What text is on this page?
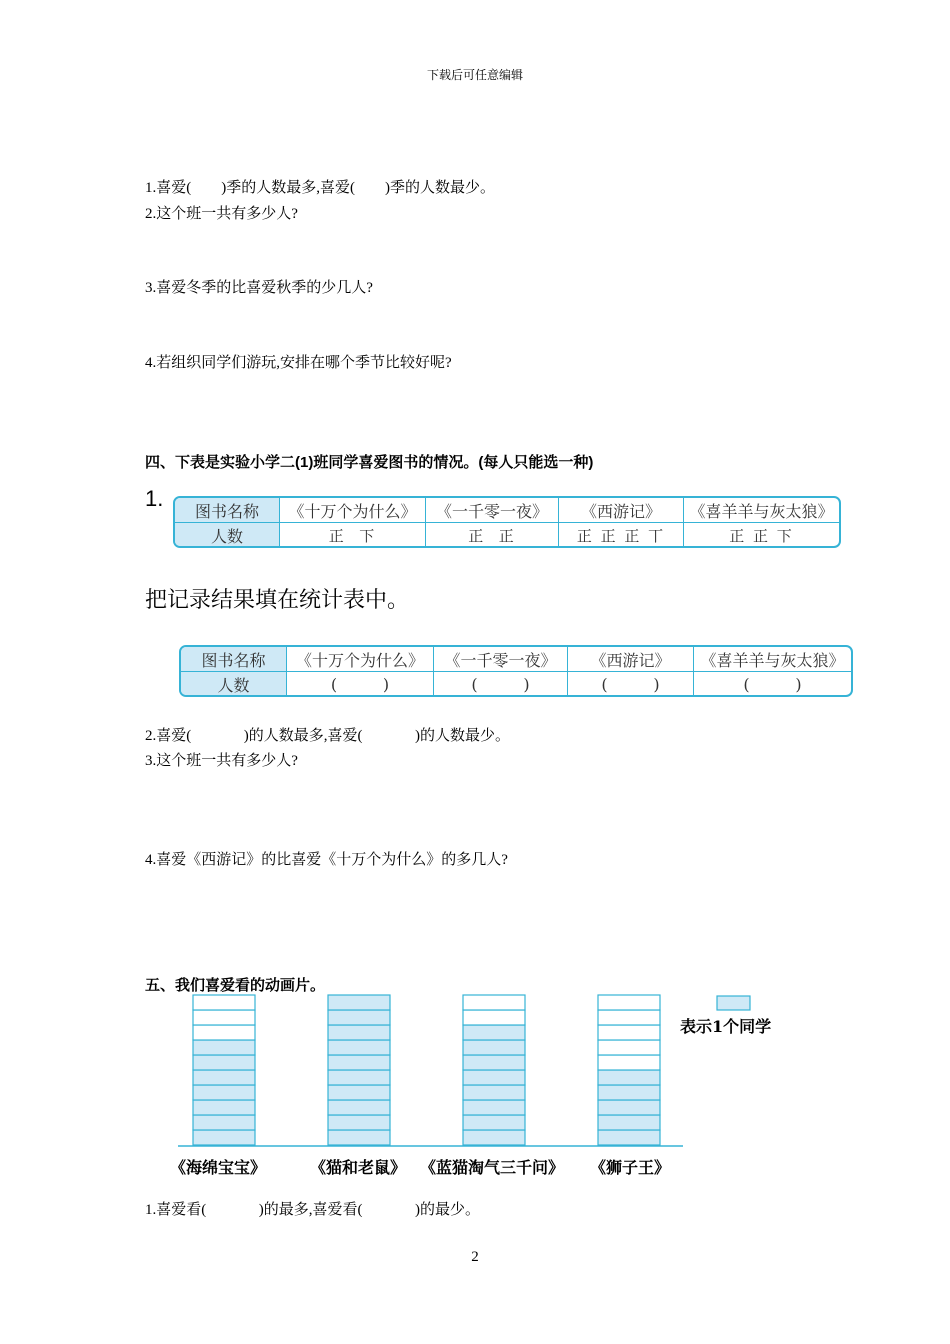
下载后可任意编辑
1.喜爱(        )季的人数最多,喜爱(        )季的人数最少。
2.这个班一共有多少人?
3.喜爱冬季的比喜爱秋季的少几人?
4.若组织同学们游玩,安排在哪个季节比较好呢?
四、下表是实验小学二(1)班同学喜爱图书的情况。(每人只能选一种)
1.	图书名称	《十万个为什么》	《一千零一夜》	《西游记》	《喜羊羊与灰太狼》
人数	正  下	正  正	正 正 正 丅	正 正 下
把记录结果填在统计表中。
图书名称	《十万个为什么》	《一千零一夜》	《西游记》	《喜羊羊与灰太狼》
人数	(         )	(         )	(         )	(         )
2.喜爱(              )的人数最多,喜爱(              )的人数最少。
3.这个班一共有多少人?
4.喜爱《西游记》的比喜爱《十万个为什么》的多几人?
五、我们喜爱看的动画片。
表示1个同学
《海绵宝宝》	《猫和老鼠》 《蓝猫淘气三千问》 《狮子王》
1.喜爱看(              )的最多,喜爱看(              )的最少。
2
